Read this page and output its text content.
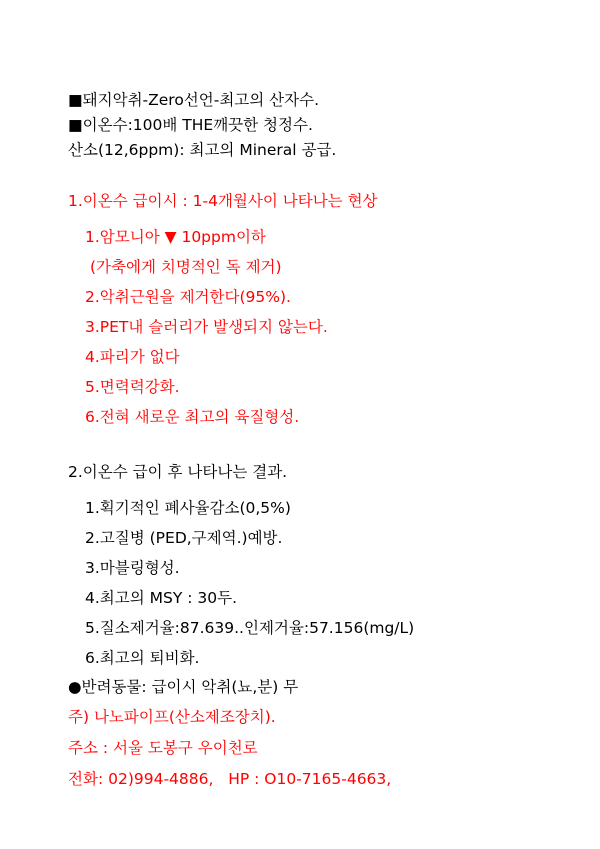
■돼지악취-Zero선언-최고의 산자수.
■이온수:100배 THE깨끗한 청정수.
산소(12,6ppm): 최고의 Mineral 공급.
1.이온수 급이시 : 1-4개월사이 나타나는 현상
1.암모니아 ▼ 10ppm이하
(가축에게 치명적인 독 제거)
2.악취근원을 제거한다(95%).
3.PET내 슬러리가 발생되지 않는다.
4.파리가 없다
5.면력력강화.
6.전혀 새로운 최고의 육질형성.
2.이온수 급이 후 나타나는 결과.
1.획기적인 폐사율감소(0,5%)
2.고질병 (PED,구제역.)예방.
3.마블링형성.
4.최고의 MSY : 30두.
5.질소제거율:87.639..인제거율:57.156(mg/L)
6.최고의 퇴비화.
●반려동물: 급이시 악취(뇨,분) 무
주) 나노파이프(산소제조장치).
주소 : 서울 도봉구 우이천로
전화: 02)994-4886,   HP : O10-7165-4663,
